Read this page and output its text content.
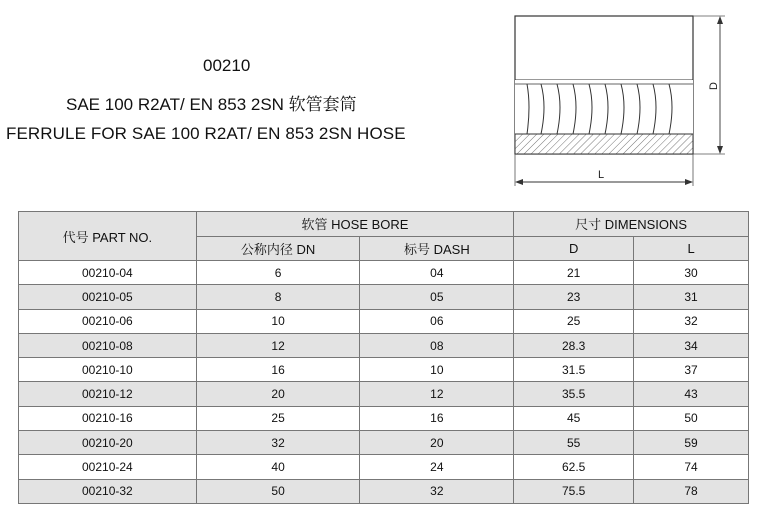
00210
SAE 100 R2AT/ EN 853 2SN 软管套筒
FERRULE FOR SAE 100 R2AT/ EN 853 2SN HOSE
D
L
代号 PART NO.	软管 HOSE BORE		尺寸 DIMENSIONS	
	公称内径 DN	标号 DASH	D	L
00210-04	6	04	21	30
00210-05	8	05	23	31
00210-06	10	06	25	32
00210-08	12	08	28.3	34
00210-10	16	10	31.5	37
00210-12	20	12	35.5	43
00210-16	25	16	45	50
00210-20	32	20	55	59
00210-24	40	24	62.5	74
00210-32	50	32	75.5	78
